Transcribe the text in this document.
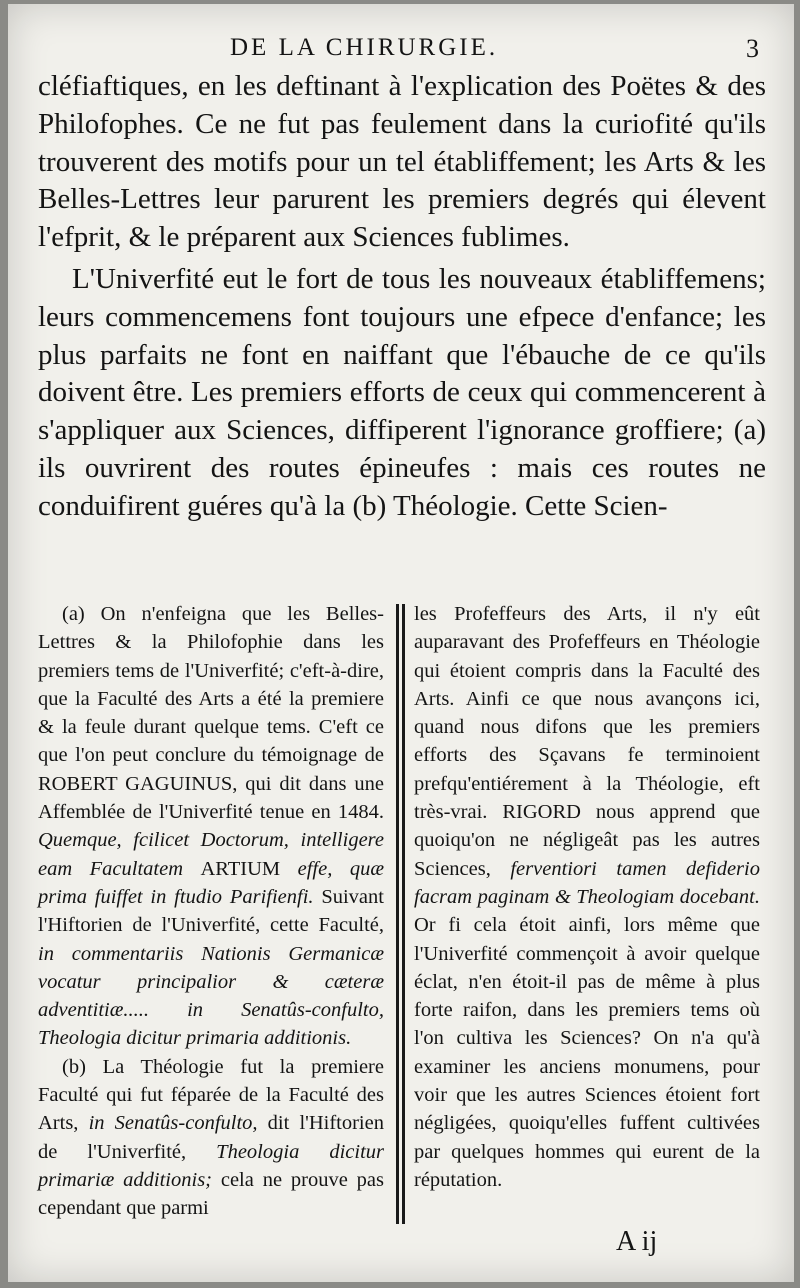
DE LA CHIRURGIE.	3

cléfiaftiques, en les deftinant à l'explication des Poëtes & des Philofophes. Ce ne fut pas feulement dans la curiofité qu'ils trouverent des motifs pour un tel établiffement; les Arts & les Belles-Lettres leur parurent les premiers degrés qui élevent l'efprit, & le préparent aux Sciences fublimes.

L'Univerfité eut le fort de tous les nouveaux établiffemens; leurs commencemens font toujours une efpece d'enfance; les plus parfaits ne font en naiffant que l'ébauche de ce qu'ils doivent être. Les premiers efforts de ceux qui commencerent à s'appliquer aux Sciences, diffiperent l'ignorance groffiere; (a) ils ouvrirent des routes épineufes : mais ces routes ne conduifirent guéres qu'à la (b) Théologie. Cette Scien-

(a) On n'enfeigna que les Belles-Lettres & la Philofophie dans les premiers tems de l'Univerfité; c'eft-à-dire, que la Faculté des Arts a été la premiere & la feule durant quelque tems. C'eft ce que l'on peut conclure du témoignage de ROBERT GAGUINUS, qui dit dans une Affemblée de l'Univerfité tenue en 1484. Quemque, fcilicet Doctorum, intelligere eam Facultatem ARTIUM effe, quæ prima fuiffet in ftudio Parifienfi. Suivant l'Hiftorien de l'Univerfité, cette Faculté, in commentariis Nationis Germanicæ vocatur principalior & cæteræ adventitiæ..... in Senatûs-confulto, Theologia dicitur primaria additionis.

(b) La Théologie fut la premiere Faculté qui fut féparée de la Faculté des Arts, in Senatûs-confulto, dit l'Hiftorien de l'Univerfité, Theologia dicitur primariæ additionis; cela ne prouve pas cependant que parmi

les Profeffeurs des Arts, il n'y eût auparavant des Profeffeurs en Théologie qui étoient compris dans la Faculté des Arts. Ainfi ce que nous avançons ici, quand nous difons que les premiers efforts des Sçavans fe terminoient prefqu'entiérement à la Théologie, eft très-vrai. RIGORD nous apprend que quoiqu'on ne négligeât pas les autres Sciences, ferventiori tamen defiderio facram paginam & Theologiam docebant. Or fi cela étoit ainfi, lors même que l'Univerfité commençoit à avoir quelque éclat, n'en étoit-il pas de même à plus forte raifon, dans les premiers tems où l'on cultiva les Sciences? On n'a qu'à examiner les anciens monumens, pour voir que les autres Sciences étoient fort négligées, quoiqu'elles fuffent cultivées par quelques hommes qui eurent de la réputation.

A ij
